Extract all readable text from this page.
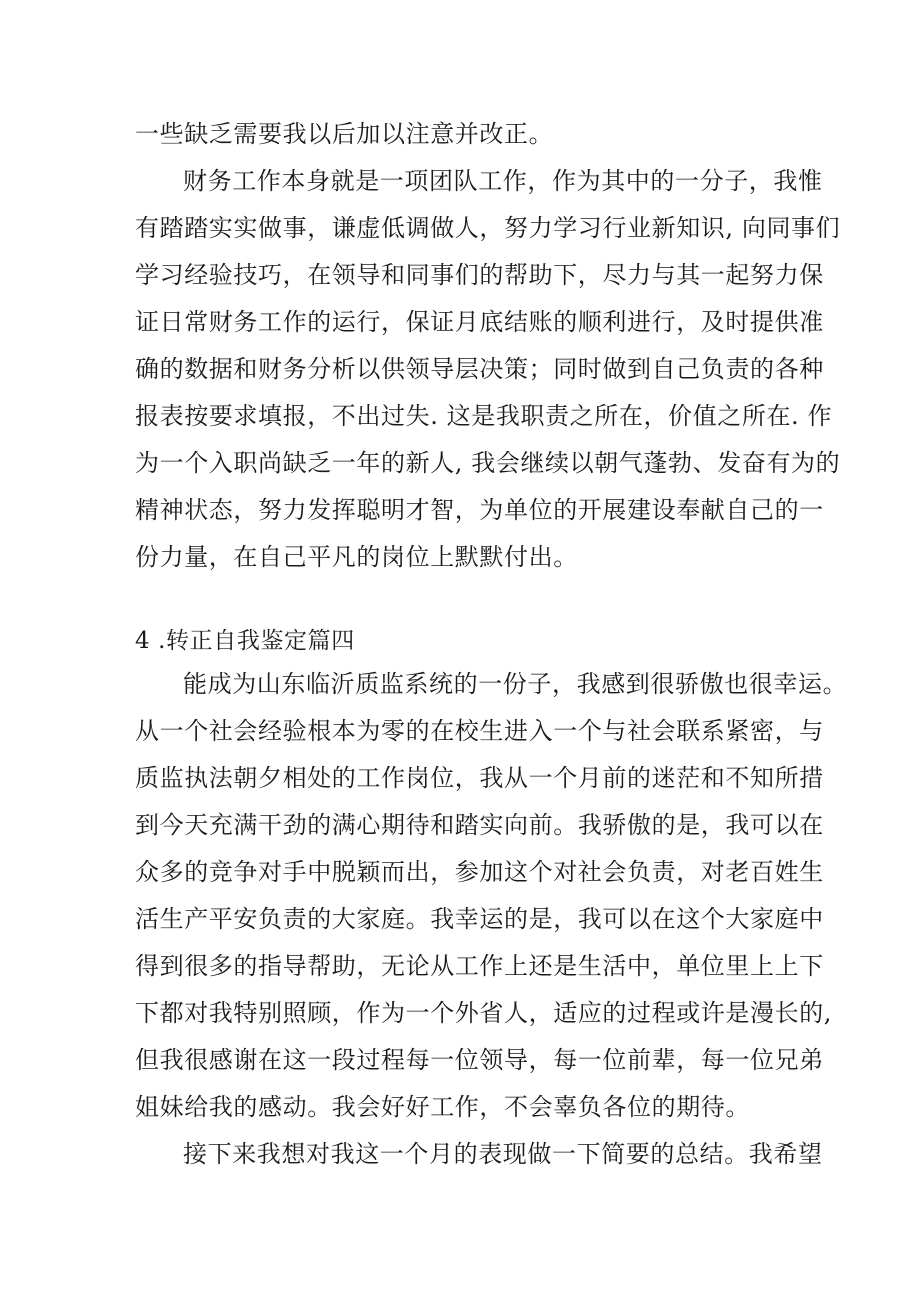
一些缺乏需要我以后加以注意并改正。
财务工作本身就是一项团队工作，作为其中的一分子，我惟
有踏踏实实做事，谦虚低调做人，努力学习行业新知识, 向同事们
学习经验技巧，在领导和同事们的帮助下，尽力与其一起努力保
证日常财务工作的运行，保证月底结账的顺利进行，及时提供准
确的数据和财务分析以供领导层决策；同时做到自己负责的各种
报表按要求填报，不出过失. 这是我职责之所在，价值之所在. 作
为一个入职尚缺乏一年的新人, 我会继续以朝气蓬勃、发奋有为的
精神状态，努力发挥聪明才智，为单位的开展建设奉献自己的一
份力量，在自己平凡的岗位上默默付出。
4 .转正自我鉴定篇四
能成为山东临沂质监系统的一份子，我感到很骄傲也很幸运。
从一个社会经验根本为零的在校生进入一个与社会联系紧密，与
质监执法朝夕相处的工作岗位，我从一个月前的迷茫和不知所措
到今天充满干劲的满心期待和踏实向前。我骄傲的是，我可以在
众多的竞争对手中脱颖而出，参加这个对社会负责，对老百姓生
活生产平安负责的大家庭。我幸运的是，我可以在这个大家庭中
得到很多的指导帮助，无论从工作上还是生活中，单位里上上下
下都对我特别照顾，作为一个外省人，适应的过程或许是漫长的,
但我很感谢在这一段过程每一位领导，每一位前辈，每一位兄弟
姐妹给我的感动。我会好好工作，不会辜负各位的期待。
接下来我想对我这一个月的表现做一下简要的总结。我希望
